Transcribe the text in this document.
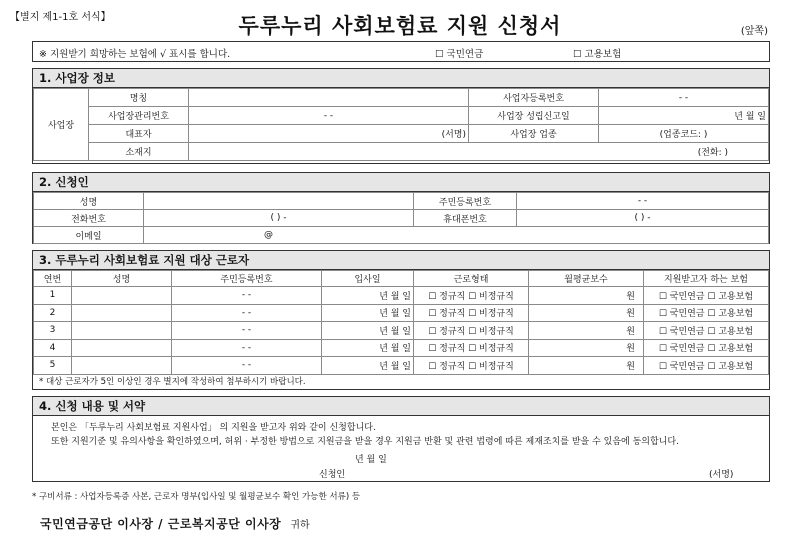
【별지 제1-1호 서식】	두루누리 사회보험료 지원 신청서	(앞쪽)
※ 지원받기 희망하는 보험에 √ 표시를 합니다.	☐ 국민연금	☐ 고용보험
1. 사업장 정보
사업장	명칭		사업자등록번호	- -
	사업장관리번호	- -	사업장 성립신고일	년 월 일
	대표자	(서명)	사업장 업종	(업종코드: )
	소재지	(전화: )		
2. 신청인
성명		주민등록번호	- -
전화번호	( ) -	휴대폰번호	( ) -
이메일	@		
3. 두루누리 사회보험료 지원 대상 근로자
연번	성명	주민등록번호	입사일	근로형태	월평균보수	지원받고자 하는 보험
1		- -	년 월 일	☐ 정규직 ☐ 비정규직	원	☐ 국민연금 ☐ 고용보험
2		- -	년 월 일	☐ 정규직 ☐ 비정규직	원	☐ 국민연금 ☐ 고용보험
3		- -	년 월 일	☐ 정규직 ☐ 비정규직	원	☐ 국민연금 ☐ 고용보험
4		- -	년 월 일	☐ 정규직 ☐ 비정규직	원	☐ 국민연금 ☐ 고용보험
5		- -	년 월 일	☐ 정규직 ☐ 비정규직	원	☐ 국민연금 ☐ 고용보험
* 대상 근로자가 5인 이상인 경우 별지에 작성하여 첨부하시기 바랍니다.
4. 신청 내용 및 서약
본인은 「두루누리 사회보험료 지원사업」 의 지원을 받고자 위와 같이 신청합니다.
또한 지원기준 및 유의사항을 확인하였으며, 허위 · 부정한 방법으로 지원금을 받을 경우 지원금 반환 및 관련 법령에 따른 제재조치를 받을 수 있음에 동의합니다.
년 월 일
신청인	(서명)
* 구비서류 : 사업자등록증 사본, 근로자 명부(입사일 및 월평균보수 확인 가능한 서류) 등
국민연금공단 이사장 / 근로복지공단 이사장 귀하
